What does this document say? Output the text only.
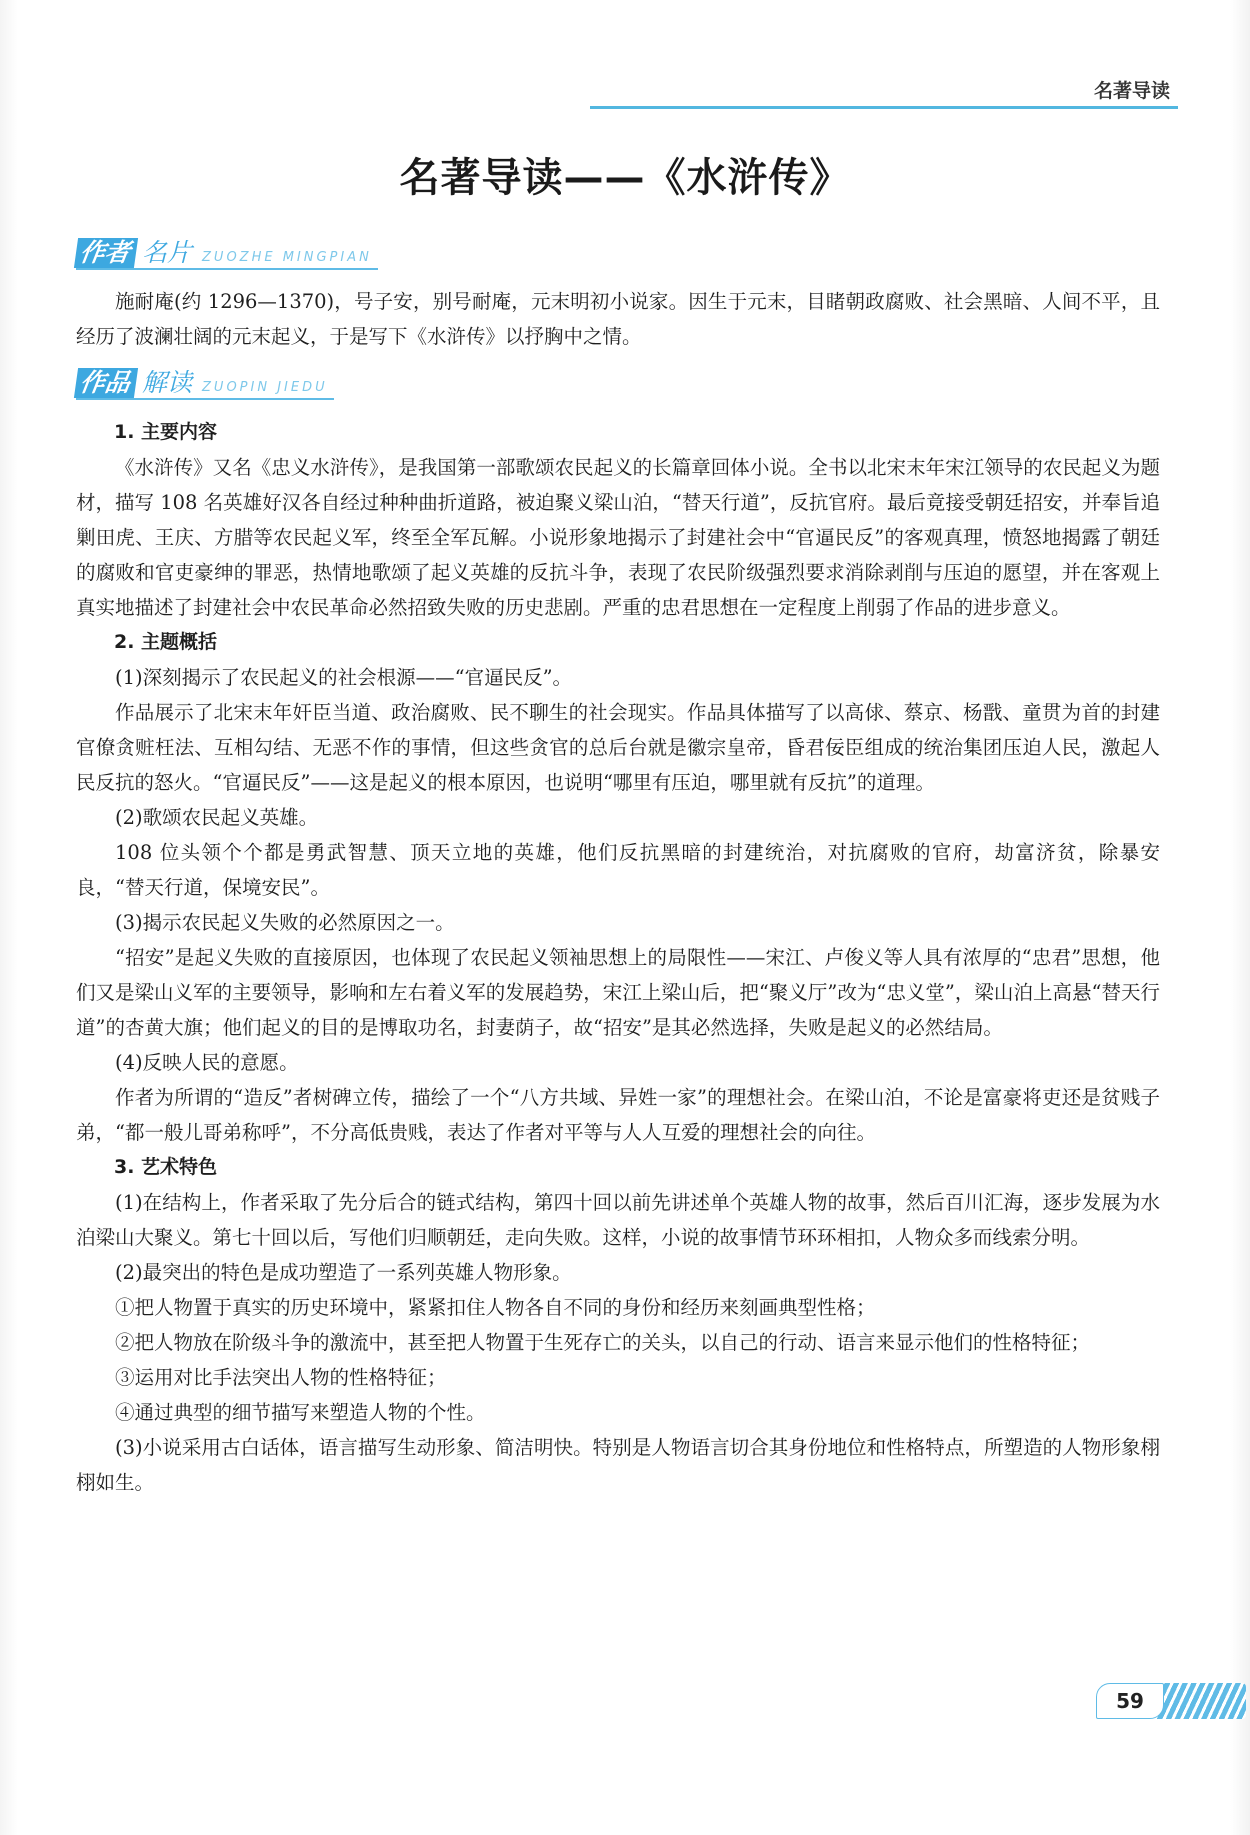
名著导读
名著导读——《水浒传》
作者 名片 ZUOZHE MINGPIAN

施耐庵(约 1296—1370)，号子安，别号耐庵，元末明初小说家。因生于元末，目睹朝政腐败、社会黑暗、人间不平，且经历了波澜壮阔的元末起义，于是写下《水浒传》以抒胸中之情。

作品 解读 ZUOPIN JIEDU
1. 主要内容

《水浒传》又名《忠义水浒传》，是我国第一部歌颂农民起义的长篇章回体小说。全书以北宋末年宋江领导的农民起义为题材，描写 108 名英雄好汉各自经过种种曲折道路，被迫聚义梁山泊，“替天行道”，反抗官府。最后竟接受朝廷招安，并奉旨追剿田虎、王庆、方腊等农民起义军，终至全军瓦解。小说形象地揭示了封建社会中“官逼民反”的客观真理，愤怒地揭露了朝廷的腐败和官吏豪绅的罪恶，热情地歌颂了起义英雄的反抗斗争，表现了农民阶级强烈要求消除剥削与压迫的愿望，并在客观上真实地描述了封建社会中农民革命必然招致失败的历史悲剧。严重的忠君思想在一定程度上削弱了作品的进步意义。

2. 主题概括

(1)深刻揭示了农民起义的社会根源——“官逼民反”。

作品展示了北宋末年奸臣当道、政治腐败、民不聊生的社会现实。作品具体描写了以高俅、蔡京、杨戬、童贯为首的封建官僚贪赃枉法、互相勾结、无恶不作的事情，但这些贪官的总后台就是徽宗皇帝，昏君佞臣组成的统治集团压迫人民，激起人民反抗的怒火。“官逼民反”——这是起义的根本原因，也说明“哪里有压迫，哪里就有反抗”的道理。

(2)歌颂农民起义英雄。

108 位头领个个都是勇武智慧、顶天立地的英雄，他们反抗黑暗的封建统治，对抗腐败的官府，劫富济贫，除暴安良，“替天行道，保境安民”。

(3)揭示农民起义失败的必然原因之一。

“招安”是起义失败的直接原因，也体现了农民起义领袖思想上的局限性——宋江、卢俊义等人具有浓厚的“忠君”思想，他们又是梁山义军的主要领导，影响和左右着义军的发展趋势，宋江上梁山后，把“聚义厅”改为“忠义堂”，梁山泊上高悬“替天行道”的杏黄大旗；他们起义的目的是博取功名，封妻荫子，故“招安”是其必然选择，失败是起义的必然结局。

(4)反映人民的意愿。

作者为所谓的“造反”者树碑立传，描绘了一个“八方共域、异姓一家”的理想社会。在梁山泊，不论是富豪将吏还是贫贱子弟，“都一般儿哥弟称呼”，不分高低贵贱，表达了作者对平等与人人互爱的理想社会的向往。

3. 艺术特色

(1)在结构上，作者采取了先分后合的链式结构，第四十回以前先讲述单个英雄人物的故事，然后百川汇海，逐步发展为水泊梁山大聚义。第七十回以后，写他们归顺朝廷，走向失败。这样，小说的故事情节环环相扣，人物众多而线索分明。

(2)最突出的特色是成功塑造了一系列英雄人物形象。

①把人物置于真实的历史环境中，紧紧扣住人物各自不同的身份和经历来刻画典型性格；

②把人物放在阶级斗争的激流中，甚至把人物置于生死存亡的关头，以自己的行动、语言来显示他们的性格特征；

③运用对比手法突出人物的性格特征；

④通过典型的细节描写来塑造人物的个性。

(3)小说采用古白话体，语言描写生动形象、简洁明快。特别是人物语言切合其身份地位和性格特点，所塑造的人物形象栩栩如生。

59
